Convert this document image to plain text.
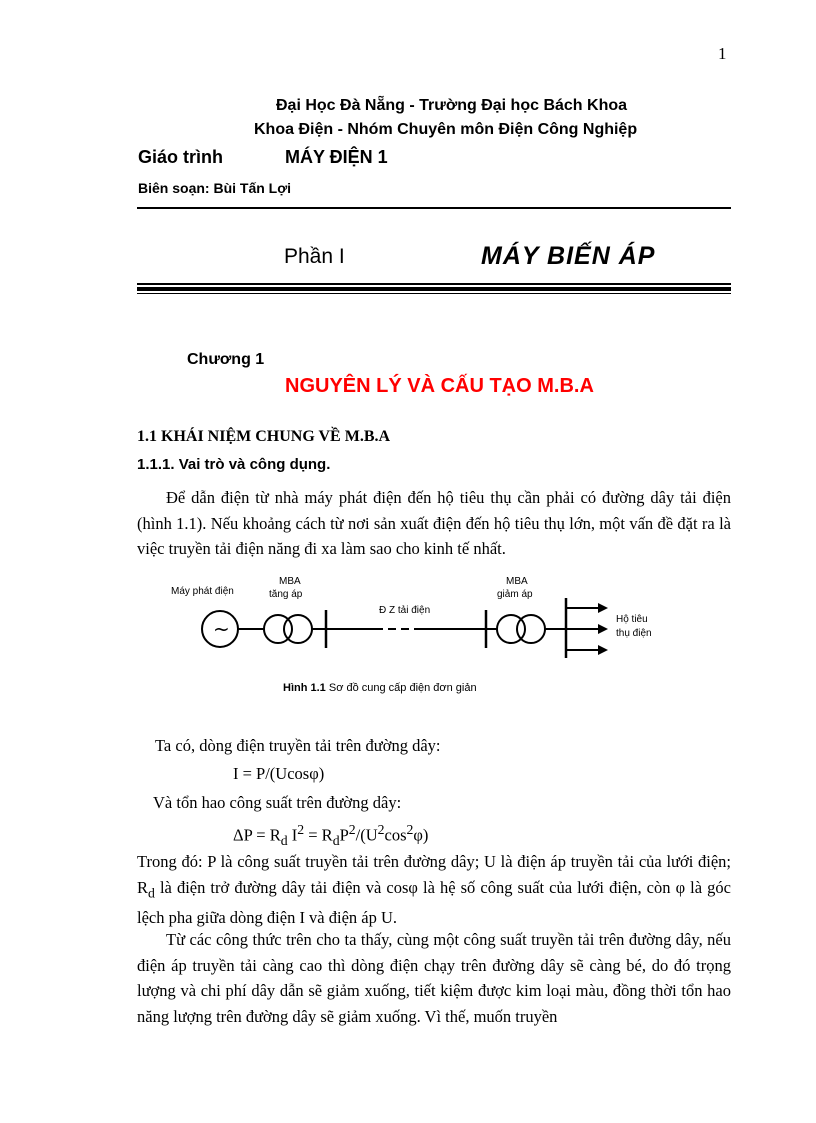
1
Đại Học Đà Nẵng - Trường Đại học Bách Khoa
Khoa Điện - Nhóm Chuyên môn Điện Công Nghiệp
Giáo trình	MÁY ĐIỆN 1
Biên soạn: Bùi Tấn Lợi
Phần I	MÁY BIẾN ÁP
Chương 1
NGUYÊN LÝ VÀ CẤU TẠO M.B.A
1.1 KHÁI NIỆM CHUNG VỀ M.B.A
1.1.1. Vai trò và công dụng.
Để dẫn điện từ nhà máy phát điện đến hộ tiêu thụ cần phải có đường dây tải điện (hình 1.1). Nếu khoảng cách từ nơi sản xuất điện đến hộ tiêu thụ lớn, một vấn đề đặt ra là việc truyền tải điện năng đi xa làm sao cho kinh tế nhất.
Máy phát điện
MBA
tăng áp
Đ Z tải điện
MBA
giảm áp
Hộ tiêu
thụ điện
~
Hình 1.1 Sơ đồ cung cấp điện đơn giản
Ta có, dòng điện truyền tải trên đường dây:
I = P/(Ucosφ)
Và tổn hao công suất trên đường dây:
$\Delta P = R_d$ $I^2 = R_dP^2/(U^2\cos^2\varphi)$
Trong đó: P là công suất truyền tải trên đường dây; U là điện áp truyền tải của lưới điện; $R_d$ là điện trở đường dây tải điện và cosφ là hệ số công suất của lưới điện, còn φ là góc lệch pha giữa dòng điện I và điện áp U.
Từ các công thức trên cho ta thấy, cùng một công suất truyền tải trên đường dây, nếu điện áp truyền tải càng cao thì dòng điện chạy trên đường dây sẽ càng bé, do đó trọng lượng và chi phí dây dẫn sẽ giảm xuống, tiết kiệm được kim loại màu, đồng thời tổn hao năng lượng trên đường dây sẽ giảm xuống. Vì thế, muốn truyền
